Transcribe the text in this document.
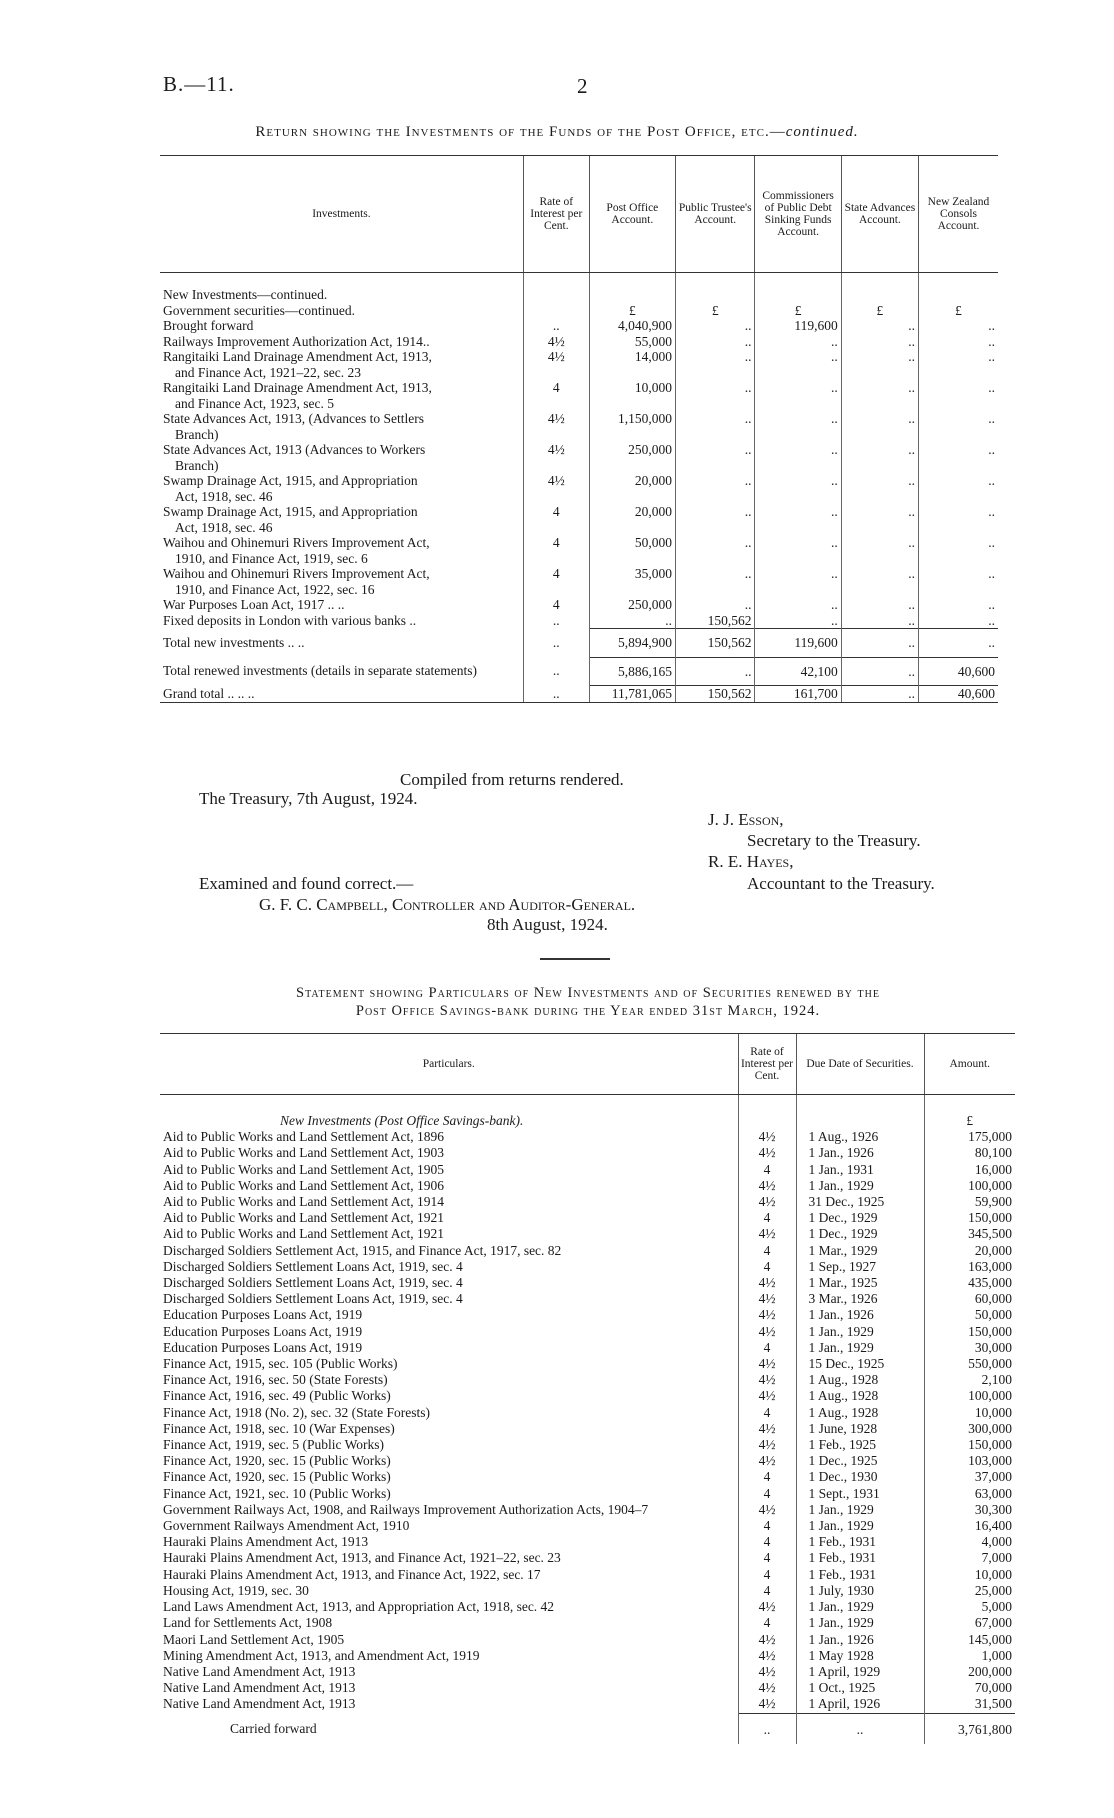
B.—11.	2
Return showing the Investments of the Funds of the Post Office, etc.—continued.
Investments.	Rate of Interest per Cent.	Post Office Account.	Public Trustee's Account.	Commissioners of Public Debt Sinking Funds Account.	State Advances Account.	New Zealand Consols Account.

New Investments—continued.						
Government securities—continued.		£	£	£	£	£
Brought forward	..	4,040,900	..	119,600	..	..
Railways Improvement Authorization Act, 1914..	4½	55,000	..	..	..	..
Rangitaiki Land Drainage Amendment Act, 1913,
and Finance Act, 1921–22, sec. 23	4½	14,000	..	..	..	..
Rangitaiki Land Drainage Amendment Act, 1913,
and Finance Act, 1923, sec. 5	4	10,000	..	..	..	..
State Advances Act, 1913, (Advances to Settlers
Branch)	4½	1,150,000	..	..	..	..
State Advances Act, 1913 (Advances to Workers
Branch)	4½	250,000	..	..	..	..
Swamp Drainage Act, 1915, and Appropriation
Act, 1918, sec. 46	4½	20,000	..	..	..	..
Swamp Drainage Act, 1915, and Appropriation
Act, 1918, sec. 46	4	20,000	..	..	..	..
Waihou and Ohinemuri Rivers Improvement Act,
1910, and Finance Act, 1919, sec. 6	4	50,000	..	..	..	..
Waihou and Ohinemuri Rivers Improvement Act,
1910, and Finance Act, 1922, sec. 16	4	35,000	..	..	..	..
War Purposes Loan Act, 1917 .. ..	4	250,000	..	..	..	..
Fixed deposits in London with various banks ..	..	..	150,562	..	..	..
Total new investments .. ..	..	5,894,900	150,562	119,600	..	..
Total renewed investments (details in separate statements)	..	5,886,165	..	42,100	..	40,600
Grand total .. .. ..	..	11,781,065	150,562	161,700	..	40,600
Compiled from returns rendered.
The Treasury, 7th August, 1924.
J. J. Esson,
Secretary to the Treasury.
R. E. Hayes,
Examined and found correct.—	Accountant to the Treasury.
G. F. C. Campbell, Controller and Auditor-General.
8th August, 1924.
Statement showing Particulars of New Investments and of Securities renewed by the
Post Office Savings-bank during the Year ended 31st March, 1924.
Particulars.	Rate of Interest per Cent.	Due Date of Securities.	Amount.

New Investments (Post Office Savings-bank).			£
Aid to Public Works and Land Settlement Act, 1896	4½	1 Aug., 1926	175,000
Aid to Public Works and Land Settlement Act, 1903	4½	1 Jan., 1926	80,100
Aid to Public Works and Land Settlement Act, 1905	4	1 Jan., 1931	16,000
Aid to Public Works and Land Settlement Act, 1906	4½	1 Jan., 1929	100,000
Aid to Public Works and Land Settlement Act, 1914	4½	31 Dec., 1925	59,900
Aid to Public Works and Land Settlement Act, 1921	4	1 Dec., 1929	150,000
Aid to Public Works and Land Settlement Act, 1921	4½	1 Dec., 1929	345,500
Discharged Soldiers Settlement Act, 1915, and Finance Act, 1917, sec. 82	4	1 Mar., 1929	20,000
Discharged Soldiers Settlement Loans Act, 1919, sec. 4	4	1 Sep., 1927	163,000
Discharged Soldiers Settlement Loans Act, 1919, sec. 4	4½	1 Mar., 1925	435,000
Discharged Soldiers Settlement Loans Act, 1919, sec. 4	4½	3 Mar., 1926	60,000
Education Purposes Loans Act, 1919	4½	1 Jan., 1926	50,000
Education Purposes Loans Act, 1919	4½	1 Jan., 1929	150,000
Education Purposes Loans Act, 1919	4	1 Jan., 1929	30,000
Finance Act, 1915, sec. 105 (Public Works)	4½	15 Dec., 1925	550,000
Finance Act, 1916, sec. 50 (State Forests)	4½	1 Aug., 1928	2,100
Finance Act, 1916, sec. 49 (Public Works)	4½	1 Aug., 1928	100,000
Finance Act, 1918 (No. 2), sec. 32 (State Forests)	4	1 Aug., 1928	10,000
Finance Act, 1918, sec. 10 (War Expenses)	4½	1 June, 1928	300,000
Finance Act, 1919, sec. 5 (Public Works)	4½	1 Feb., 1925	150,000
Finance Act, 1920, sec. 15 (Public Works)	4½	1 Dec., 1925	103,000
Finance Act, 1920, sec. 15 (Public Works)	4	1 Dec., 1930	37,000
Finance Act, 1921, sec. 10 (Public Works)	4	1 Sept., 1931	63,000
Government Railways Act, 1908, and Railways Improvement Authorization Acts, 1904–7	4½	1 Jan., 1929	30,300
Government Railways Amendment Act, 1910	4	1 Jan., 1929	16,400
Hauraki Plains Amendment Act, 1913	4	1 Feb., 1931	4,000
Hauraki Plains Amendment Act, 1913, and Finance Act, 1921–22, sec. 23	4	1 Feb., 1931	7,000
Hauraki Plains Amendment Act, 1913, and Finance Act, 1922, sec. 17	4	1 Feb., 1931	10,000
Housing Act, 1919, sec. 30	4	1 July, 1930	25,000
Land Laws Amendment Act, 1913, and Appropriation Act, 1918, sec. 42	4½	1 Jan., 1929	5,000
Land for Settlements Act, 1908	4	1 Jan., 1929	67,000
Maori Land Settlement Act, 1905	4½	1 Jan., 1926	145,000
Mining Amendment Act, 1913, and Amendment Act, 1919	4½	1 May 1928	1,000
Native Land Amendment Act, 1913	4½	1 April, 1929	200,000
Native Land Amendment Act, 1913	4½	1 Oct., 1925	70,000
Native Land Amendment Act, 1913	4½	1 April, 1926	31,500
Carried forward	..	..	3,761,800
